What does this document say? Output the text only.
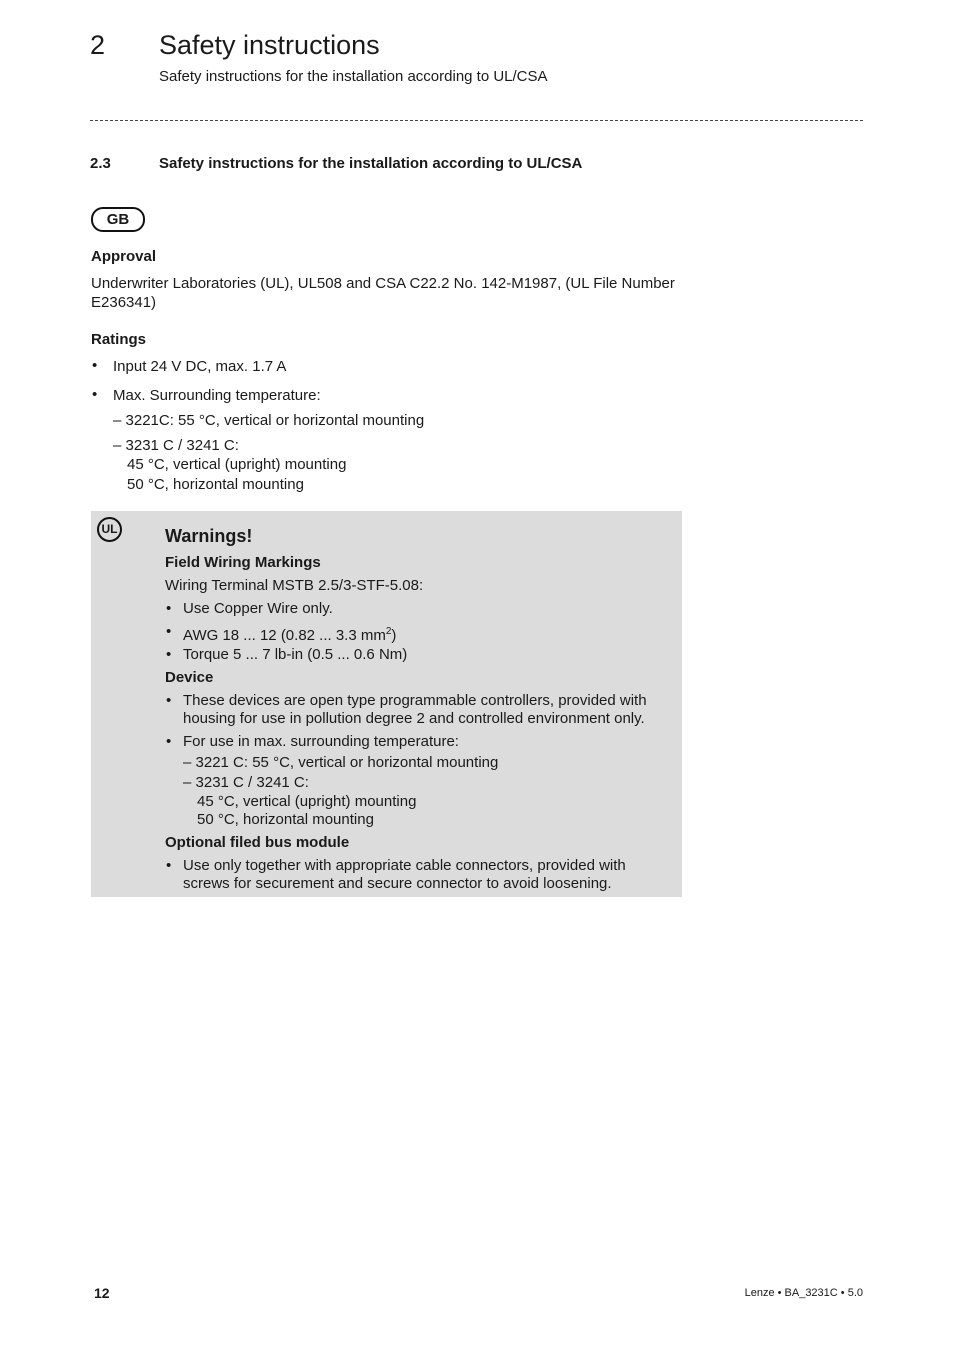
2 Safety instructions
Safety instructions for the installation according to UL/CSA
2.3	Safety instructions for the installation according to UL/CSA
GB
Approval
Underwriter Laboratories (UL), UL508 and CSA C22.2 No. 142-M1987, (UL File Number
E236341)
Ratings
• Input 24 V DC, max. 1.7 A
• Max. Surrounding temperature:
– 3221C: 55 °C, vertical or horizontal mounting
– 3231 C / 3241 C:
45 °C, vertical (upright) mounting
50 °C, horizontal mounting
UL	Warnings!
Field Wiring Markings
Wiring Terminal MSTB 2.5/3-STF-5.08:
• Use Copper Wire only.
• AWG 18 ... 12 (0.82 ... 3.3 $mm^2$)
• Torque 5 ... 7 lb-in (0.5 ... 0.6 Nm)
Device
• These devices are open type programmable controllers, provided with
housing for use in pollution degree 2 and controlled environment only.
• For use in max. surrounding temperature:
– 3221 C: 55 °C, vertical or horizontal mounting
– 3231 C / 3241 C:
45 °C, vertical (upright) mounting
50 °C, horizontal mounting
Optional filed bus module
• Use only together with appropriate cable connectors, provided with
screws for securement and secure connector to avoid loosening.
12	Lenze • BA_3231C • 5.0
